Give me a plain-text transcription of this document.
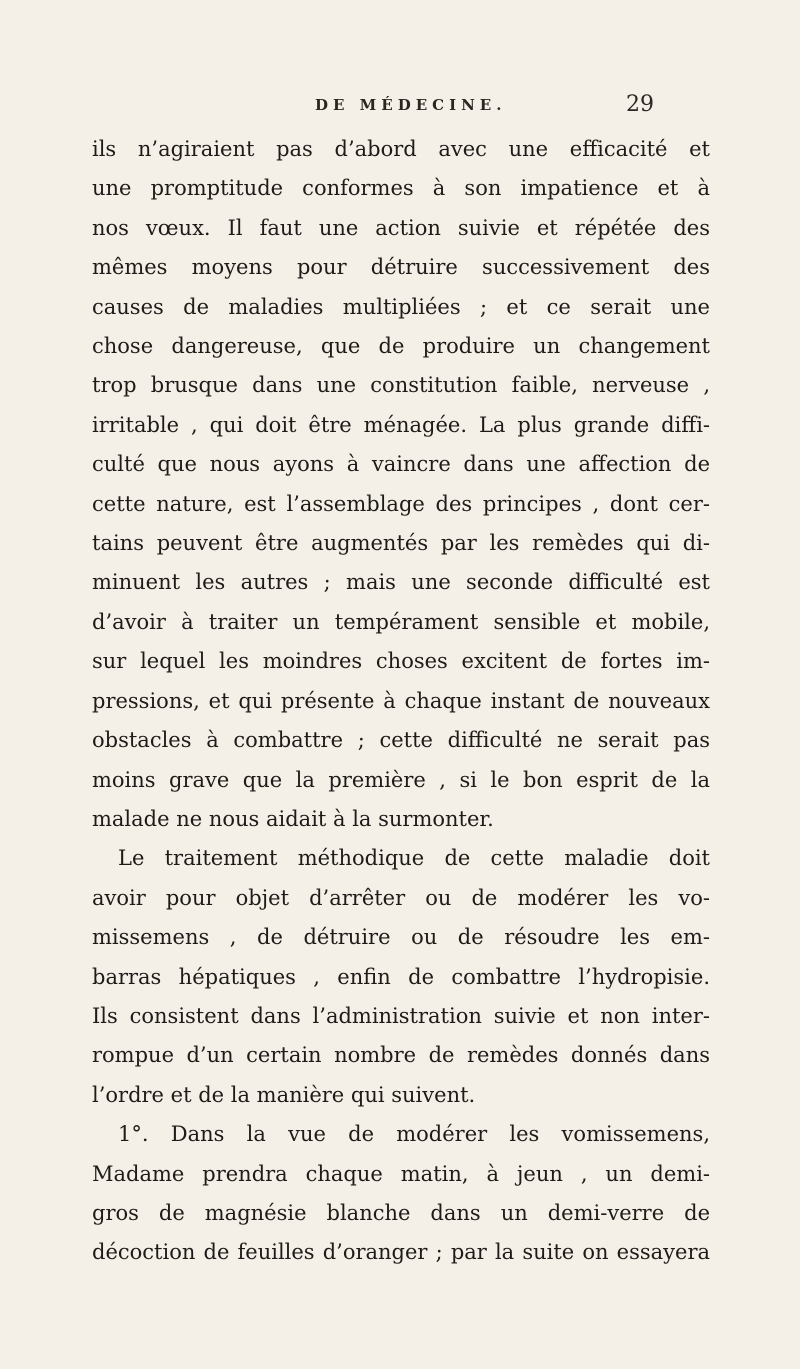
DE MÉDECINE.	29
ils n’agiraient pas d’abord avec une efficacité et
une promptitude conformes à son impatience et à
nos vœux. Il faut une action suivie et répétée des
mêmes moyens pour détruire successivement des
causes de maladies multipliées ; et ce serait une
chose dangereuse, que de produire un changement
trop brusque dans une constitution faible, nerveuse ,
irritable , qui doit être ménagée. La plus grande diffi-
culté que nous ayons à vaincre dans une affection de
cette nature, est l’assemblage des principes , dont cer-
tains peuvent être augmentés par les remèdes qui di-
minuent les autres ; mais une seconde difficulté est
d’avoir à traiter un tempérament sensible et mobile,
sur lequel les moindres choses excitent de fortes im-
pressions, et qui présente à chaque instant de nouveaux
obstacles à combattre ; cette difficulté ne serait pas
moins grave que la première , si le bon esprit de la
malade ne nous aidait à la surmonter.
Le traitement méthodique de cette maladie doit
avoir pour objet d’arrêter ou de modérer les vo-
missemens , de détruire ou de résoudre les em-
barras hépatiques , enfin de combattre l’hydropisie.
Ils consistent dans l’administration suivie et non inter-
rompue d’un certain nombre de remèdes donnés dans
l’ordre et de la manière qui suivent.
1°. Dans la vue de modérer les vomissemens,
Madame prendra chaque matin, à jeun , un demi-
gros de magnésie blanche dans un demi-verre de
décoction de feuilles d’oranger ; par la suite on essayera
